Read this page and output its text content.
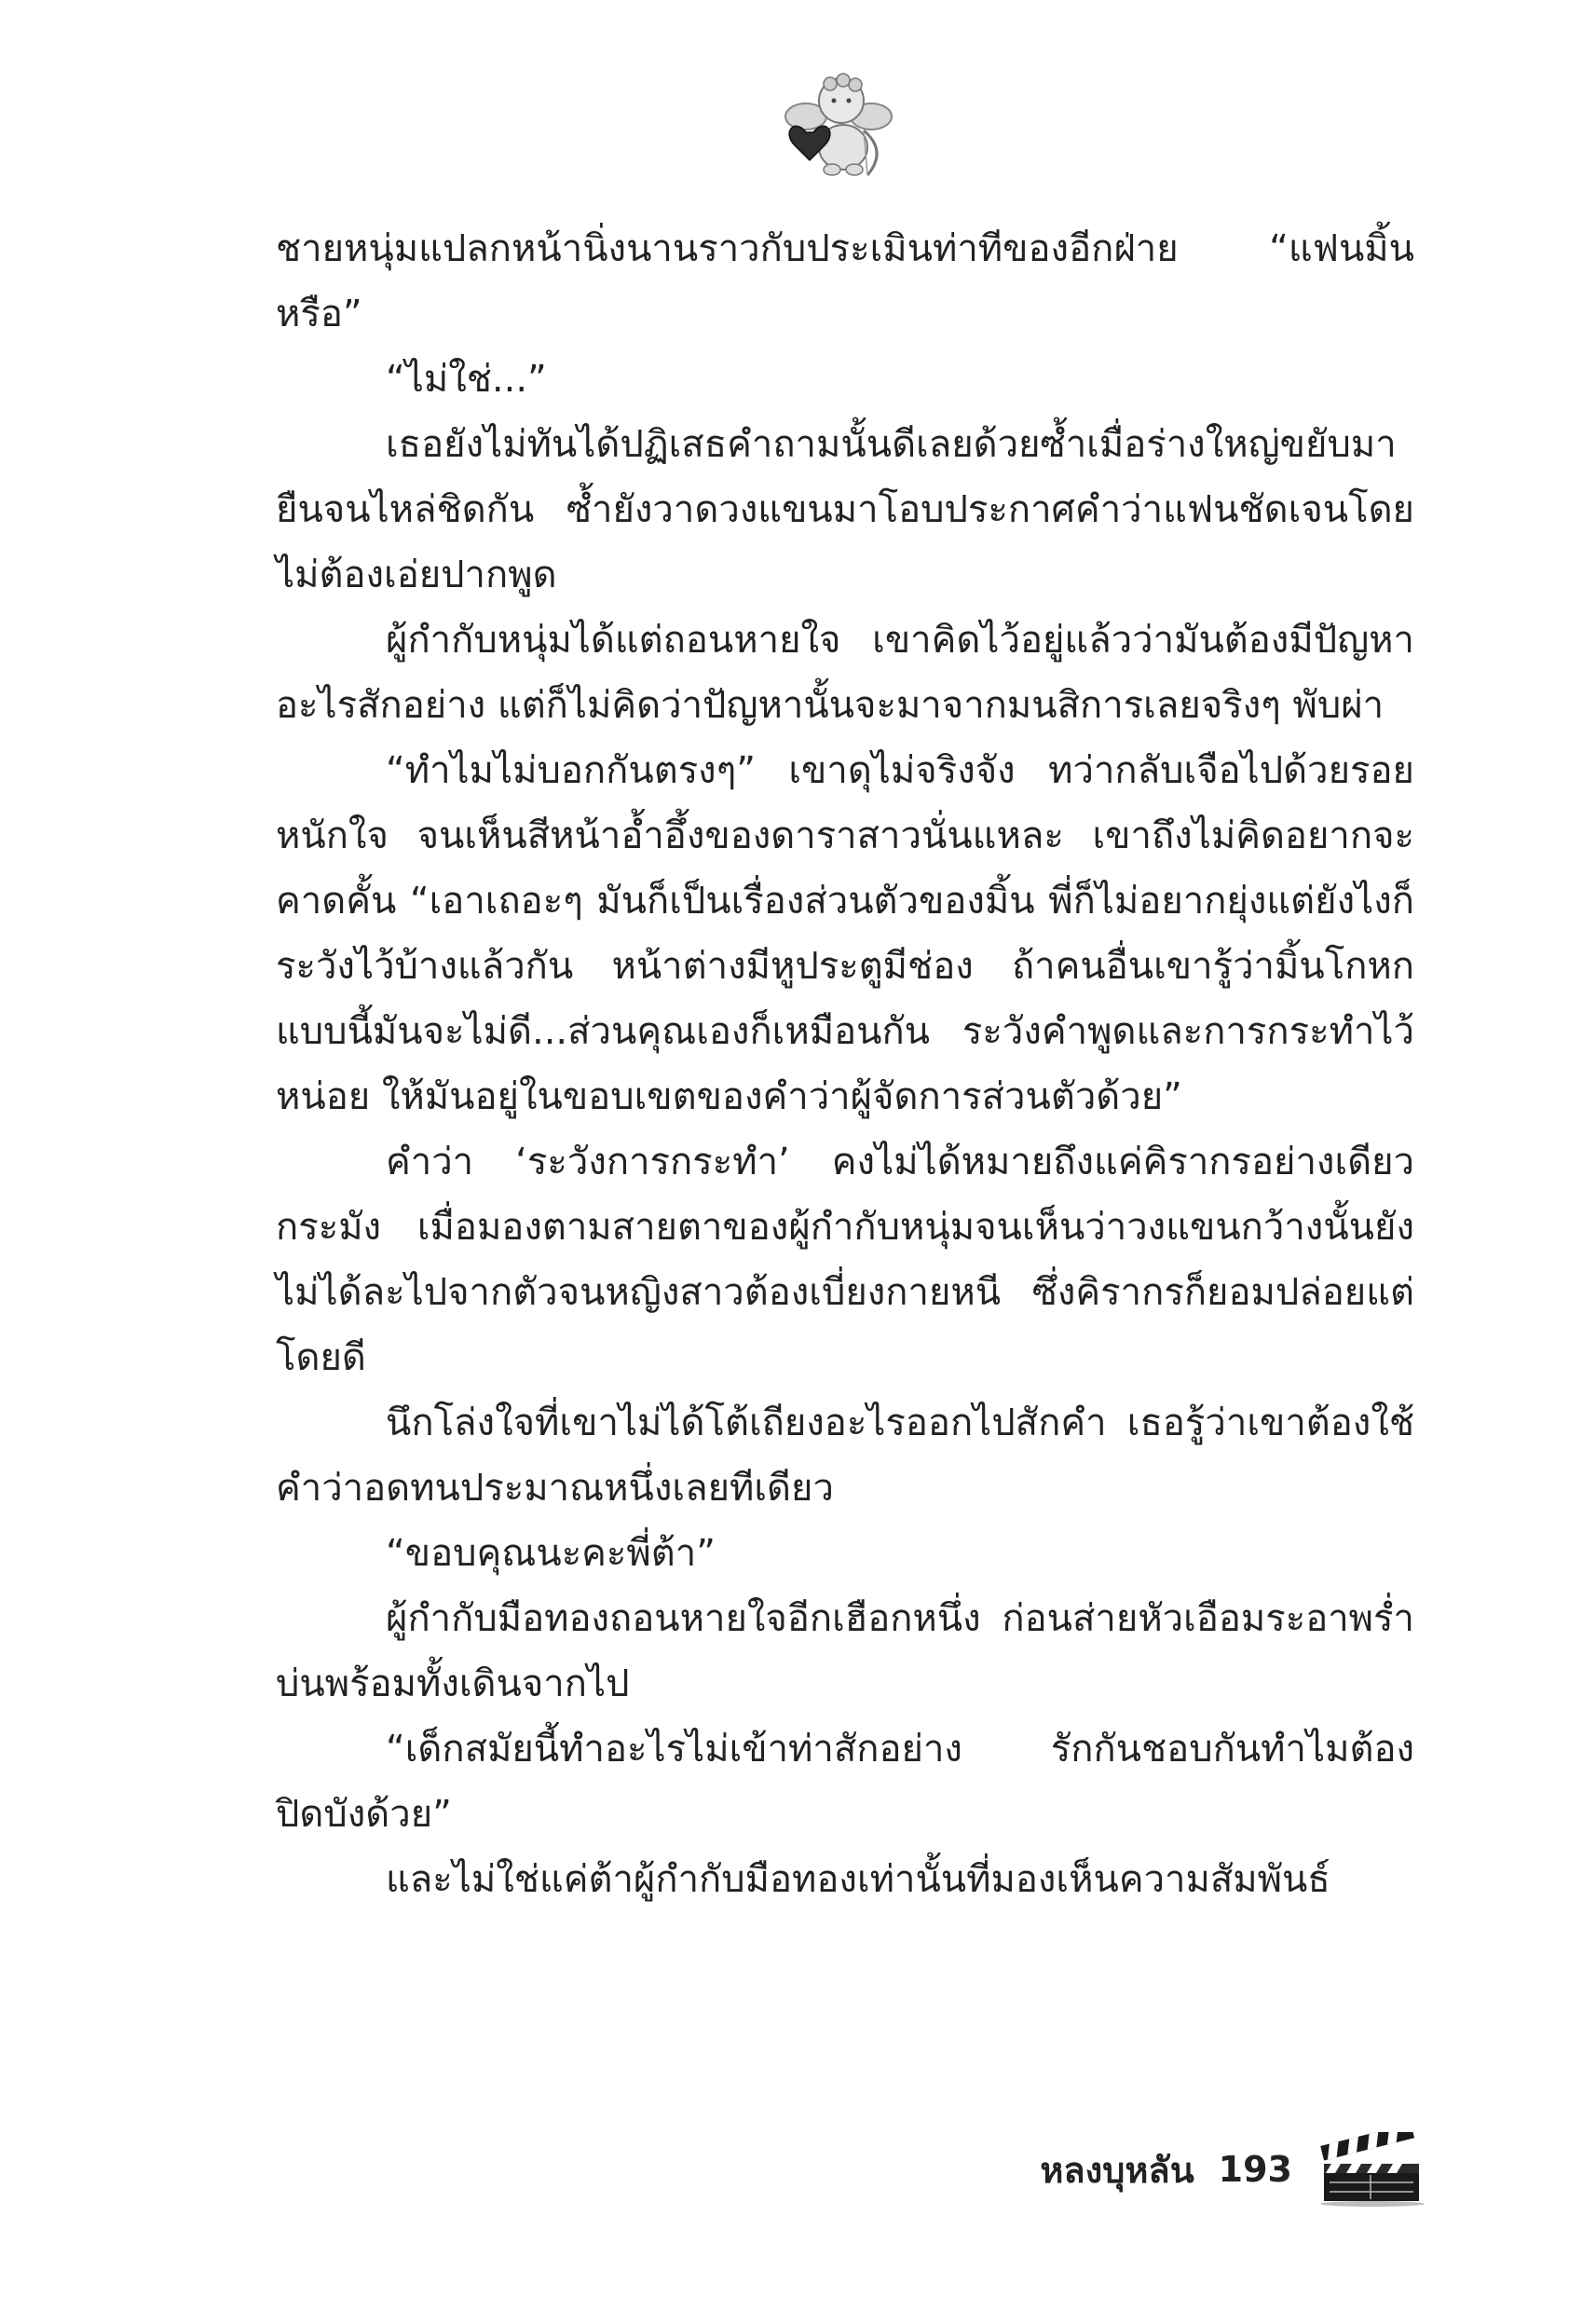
ชายหนุ่มแปลกหน้านิ่งนานราวกับประเมินท่าทีของอีกฝ่าย “แฟนมิ้นหรือ”

“ไม่ใช่...”

เธอยังไม่ทันได้ปฏิเสธคำถามนั้นดีเลยด้วยซ้ำเมื่อร่างใหญ่ขยับมายืนจนไหล่ชิดกัน ซ้ำยังวาดวงแขนมาโอบประกาศคำว่าแฟนชัดเจนโดยไม่ต้องเอ่ยปากพูด

ผู้กำกับหนุ่มได้แต่ถอนหายใจ เขาคิดไว้อยู่แล้วว่ามันต้องมีปัญหาอะไรสักอย่าง แต่ก็ไม่คิดว่าปัญหานั้นจะมาจากมนสิการเลยจริงๆ พับผ่า

“ทำไมไม่บอกกันตรงๆ” เขาดุไม่จริงจัง ทว่ากลับเจือไปด้วยรอยหนักใจ จนเห็นสีหน้าอ้ำอึ้งของดาราสาวนั่นแหละ เขาถึงไม่คิดอยากจะคาดคั้น “เอาเถอะๆ มันก็เป็นเรื่องส่วนตัวของมิ้น พี่ก็ไม่อยากยุ่งแต่ยังไงก็ระวังไว้บ้างแล้วกัน หน้าต่างมีหูประตูมีช่อง ถ้าคนอื่นเขารู้ว่ามิ้นโกหกแบบนี้มันจะไม่ดี...ส่วนคุณเองก็เหมือนกัน ระวังคำพูดและการกระทำไว้หน่อย ให้มันอยู่ในขอบเขตของคำว่าผู้จัดการส่วนตัวด้วย”

คำว่า ‘ระวังการกระทำ’ คงไม่ได้หมายถึงแค่คิรากรอย่างเดียวกระมัง เมื่อมองตามสายตาของผู้กำกับหนุ่มจนเห็นว่าวงแขนกว้างนั้นยังไม่ได้ละไปจากตัวจนหญิงสาวต้องเบี่ยงกายหนี ซึ่งคิรากรก็ยอมปล่อยแต่โดยดี

นึกโล่งใจที่เขาไม่ได้โต้เถียงอะไรออกไปสักคำ เธอรู้ว่าเขาต้องใช้คำว่าอดทนประมาณหนึ่งเลยทีเดียว

“ขอบคุณนะคะพี่ต้า”

ผู้กำกับมือทองถอนหายใจอีกเฮือกหนึ่ง ก่อนส่ายหัวเอือมระอาพร่ำบ่นพร้อมทั้งเดินจากไป

“เด็กสมัยนี้ทำอะไรไม่เข้าท่าสักอย่าง รักกันชอบกันทำไมต้องปิดบังด้วย”

และไม่ใช่แค่ต้าผู้กำกับมือทองเท่านั้นที่มองเห็นความสัมพันธ์

หลงบุหลัน 193
